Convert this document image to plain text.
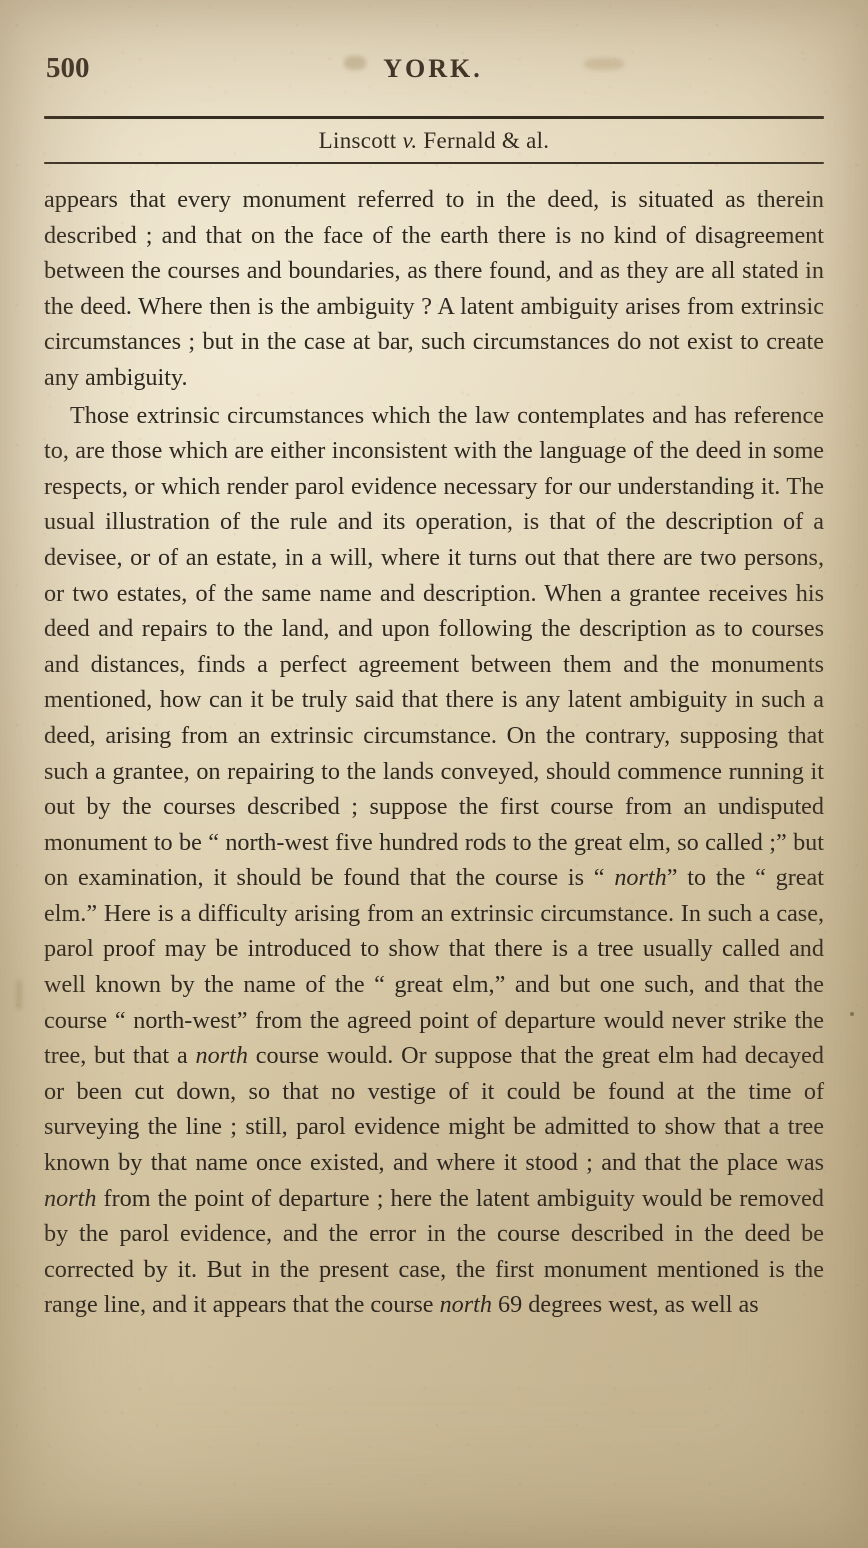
500	YORK.
Linscott v. Fernald & al.

appears that every monument referred to in the deed, is situated as therein described ; and that on the face of the earth there is no kind of disagreement between the courses and boundaries, as there found, and as they are all stated in the deed. Where then is the ambiguity ? A latent ambiguity arises from extrinsic circumstances ; but in the case at bar, such circumstances do not exist to create any ambiguity.

Those extrinsic circumstances which the law contemplates and has reference to, are those which are either inconsistent with the language of the deed in some respects, or which render parol evidence necessary for our understanding it. The usual illustration of the rule and its operation, is that of the description of a devisee, or of an estate, in a will, where it turns out that there are two persons, or two estates, of the same name and description. When a grantee receives his deed and repairs to the land, and upon following the description as to courses and distances, finds a perfect agreement between them and the monuments mentioned, how can it be truly said that there is any latent ambiguity in such a deed, arising from an extrinsic circumstance. On the contrary, supposing that such a grantee, on repairing to the lands conveyed, should commence running it out by the courses described ; suppose the first course from an undisputed monument to be “ north-west five hundred rods to the great elm, so called ;” but on examination, it should be found that the course is “ north” to the “ great elm.” Here is a difficulty arising from an extrinsic circumstance. In such a case, parol proof may be introduced to show that there is a tree usually called and well known by the name of the “ great elm,” and but one such, and that the course “ north-west” from the agreed point of departure would never strike the tree, but that a north course would. Or suppose that the great elm had decayed or been cut down, so that no vestige of it could be found at the time of surveying the line ; still, parol evidence might be admitted to show that a tree known by that name once existed, and where it stood ; and that the place was north from the point of departure ; here the latent ambiguity would be removed by the parol evidence, and the error in the course described in the deed be corrected by it. But in the present case, the first monument mentioned is the range line, and it appears that the course north 69 degrees west, as well as
